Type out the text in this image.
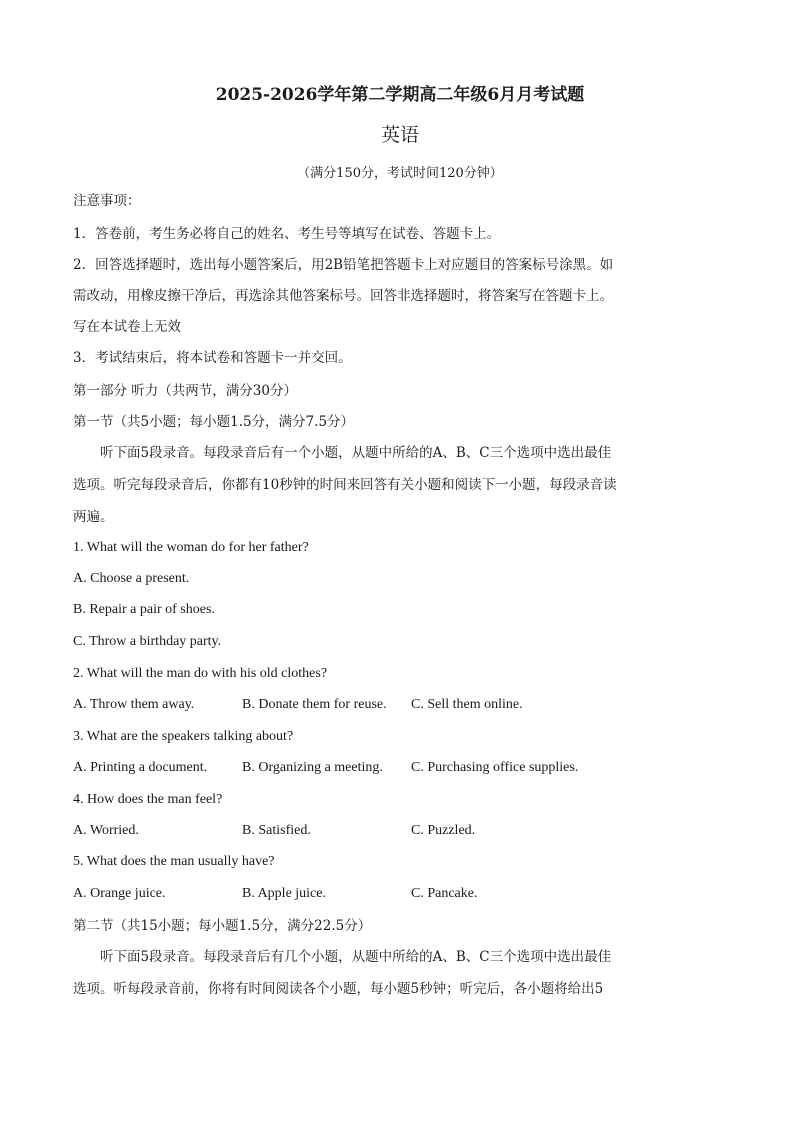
2025-2026学年第二学期高二年级6月月考试题
英语
（满分150分，考试时间120分钟）
注意事项：
1．答卷前，考生务必将自己的姓名、考生号等填写在试卷、答题卡上。
2．回答选择题时，选出每小题答案后，用2B铅笔把答题卡上对应题目的答案标号涂黑。如
需改动，用橡皮擦干净后，再选涂其他答案标号。回答非选择题时，将答案写在答题卡上。
写在本试卷上无效
3．考试结束后，将本试卷和答题卡一并交回。
第一部分 听力（共两节，满分30分）
第一节（共5小题；每小题1.5分，满分7.5分）
听下面5段录音。每段录音后有一个小题，从题中所给的A、B、C三个选项中选出最佳
选项。听完每段录音后，你都有10秒钟的时间来回答有关小题和阅读下一小题，每段录音读
两遍。
1. What will the woman do for her father?
A. Choose a present.
B. Repair a pair of shoes.
C. Throw a birthday party.
2. What will the man do with his old clothes?
A. Throw them away.	B. Donate them for reuse. C. Sell them online.
3. What are the speakers talking about?
A. Printing a document. B. Organizing a meeting. C. Purchasing office supplies.
4. How does the man feel?
A. Worried.	B. Satisfied.	C. Puzzled.
5. What does the man usually have?
A. Orange juice.	B. Apple juice.	C. Pancake.
第二节（共15小题；每小题1.5分，满分22.5分）
听下面5段录音。每段录音后有几个小题，从题中所给的A、B、C三个选项中选出最佳
选项。听每段录音前，你将有时间阅读各个小题，每小题5秒钟；听完后，各小题将给出5
